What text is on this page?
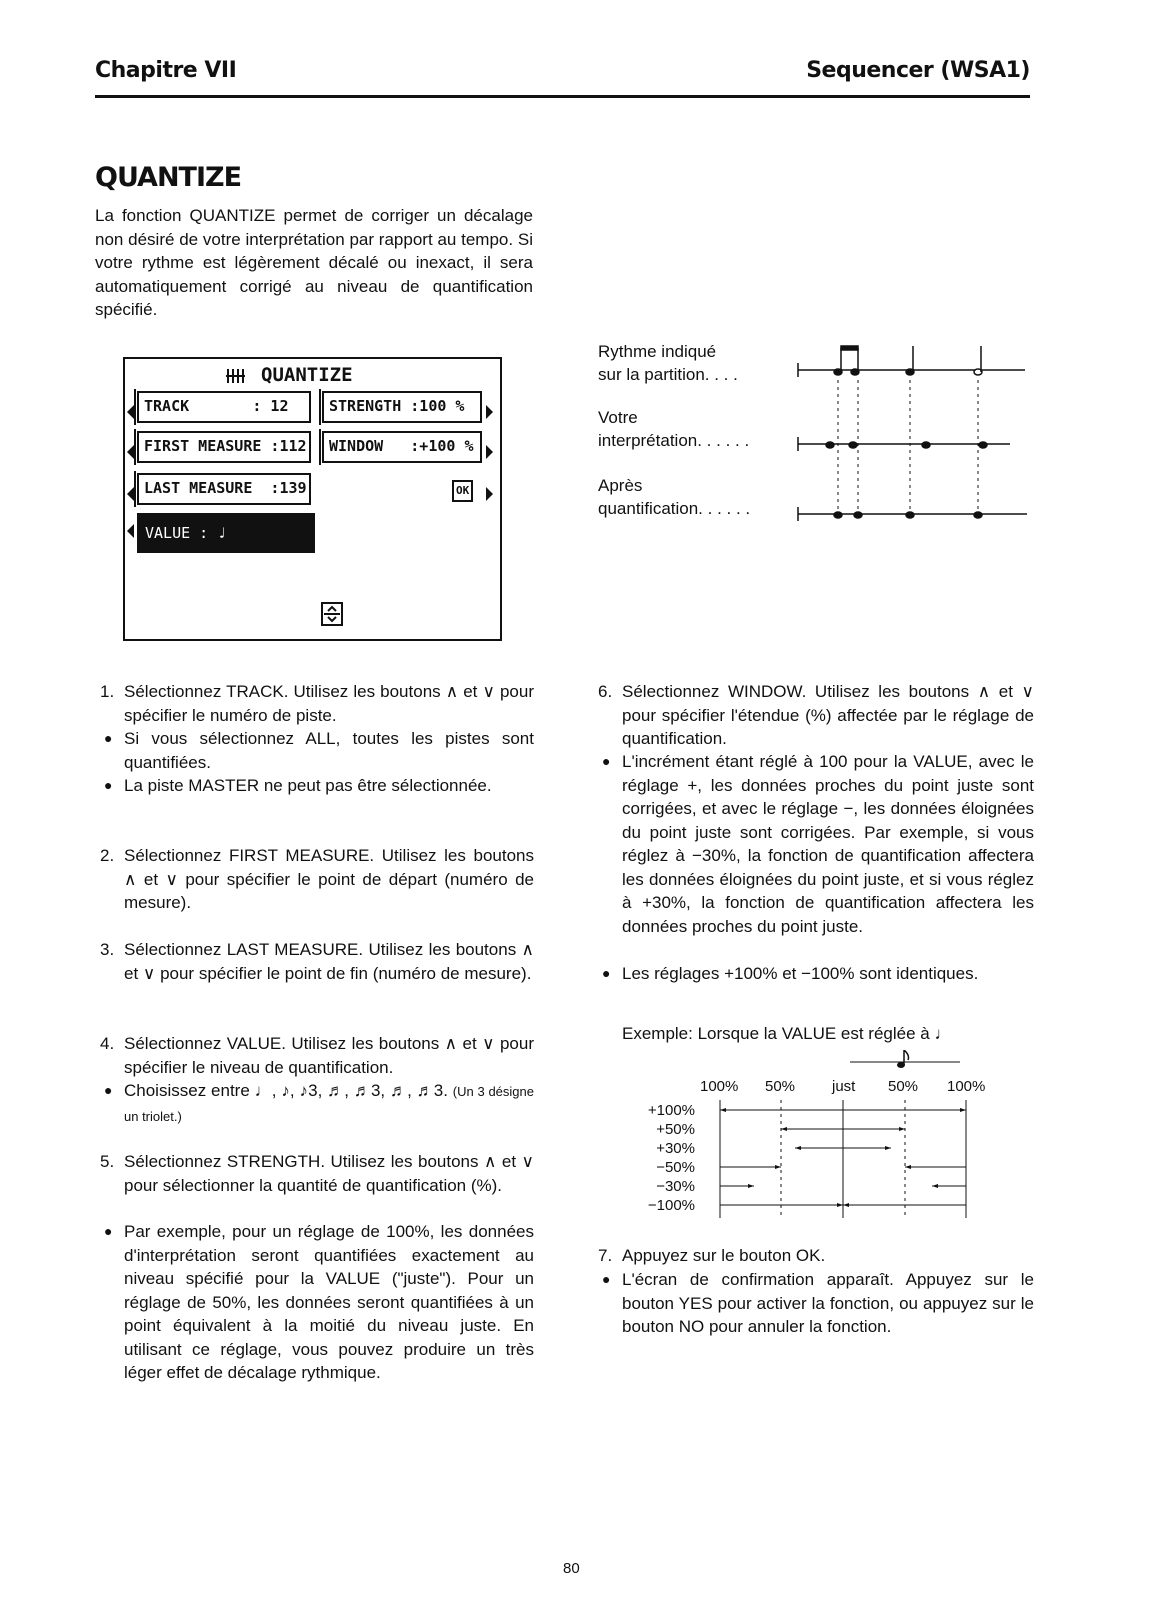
Chapitre VII	Sequencer (WSA1)
QUANTIZE
La fonction QUANTIZE permet de corriger un décalage non désiré de votre interprétation par rapport au tempo. Si votre rythme est légèrement décalé ou inexact, il sera automatiquement corrigé au niveau de quantification spécifié.
QUANTIZE
TRACK       : 12	STRENGTH :100 %
FIRST MEASURE :112	WINDOW   :+100 %
LAST MEASURE  :139	OK
VALUE : ♩
Rythme indiqué
sur la partition. . . .
Votre
interprétation. . . . . .
Après
quantification. . . . . .
1. Sélectionnez TRACK. Utilisez les boutons ∧ et ∨ pour spécifier le numéro de piste.
● Si vous sélectionnez ALL, toutes les pistes sont quantifiées.
● La piste MASTER ne peut pas être sélectionnée.
2. Sélectionnez FIRST MEASURE. Utilisez les boutons ∧ et ∨ pour spécifier le point de départ (numéro de mesure).
3. Sélectionnez LAST MEASURE. Utilisez les boutons ∧ et ∨ pour spécifier le point de fin (numéro de mesure).
4. Sélectionnez VALUE. Utilisez les boutons ∧ et ∨ pour spécifier le niveau de quantification.
● Choisissez entre ♩, ♪, ♪3, ♬, ♬3, ♬, ♬3. (Un 3 désigne un triolet.)
5. Sélectionnez STRENGTH. Utilisez les boutons ∧ et ∨ pour sélectionner la quantité de quantification (%).
● Par exemple, pour un réglage de 100%, les données d'interprétation seront quantifiées exactement au niveau spécifié pour la VALUE ("juste"). Pour un réglage de 50%, les données seront quantifiées à un point équivalent à la moitié du niveau juste. En utilisant ce réglage, vous pouvez produire un très léger effet de décalage rythmique.
6. Sélectionnez WINDOW. Utilisez les boutons ∧ et ∨ pour spécifier l'étendue (%) affectée par le réglage de quantification.
● L'incrément étant réglé à 100 pour la VALUE, avec le réglage +, les données proches du point juste sont corrigées, et avec le réglage −, les données éloignées du point juste sont corrigées. Par exemple, si vous réglez à −30%, la fonction de quantification affectera les données éloignées du point juste, et si vous réglez à +30%, la fonction de quantification affectera les données proches du point juste.
● Les réglages +100% et −100% sont identiques.
Exemple: Lorsque la VALUE est réglée à ♩
7. Appuyez sur le bouton OK.
● L'écran de confirmation apparaît. Appuyez sur le bouton YES pour activer la fonction, ou appuyez sur le bouton NO pour annuler la fonction.
100% 50% just 50% 100%
+100%
+50%
+30%
−50%
−30%
−100%
80
